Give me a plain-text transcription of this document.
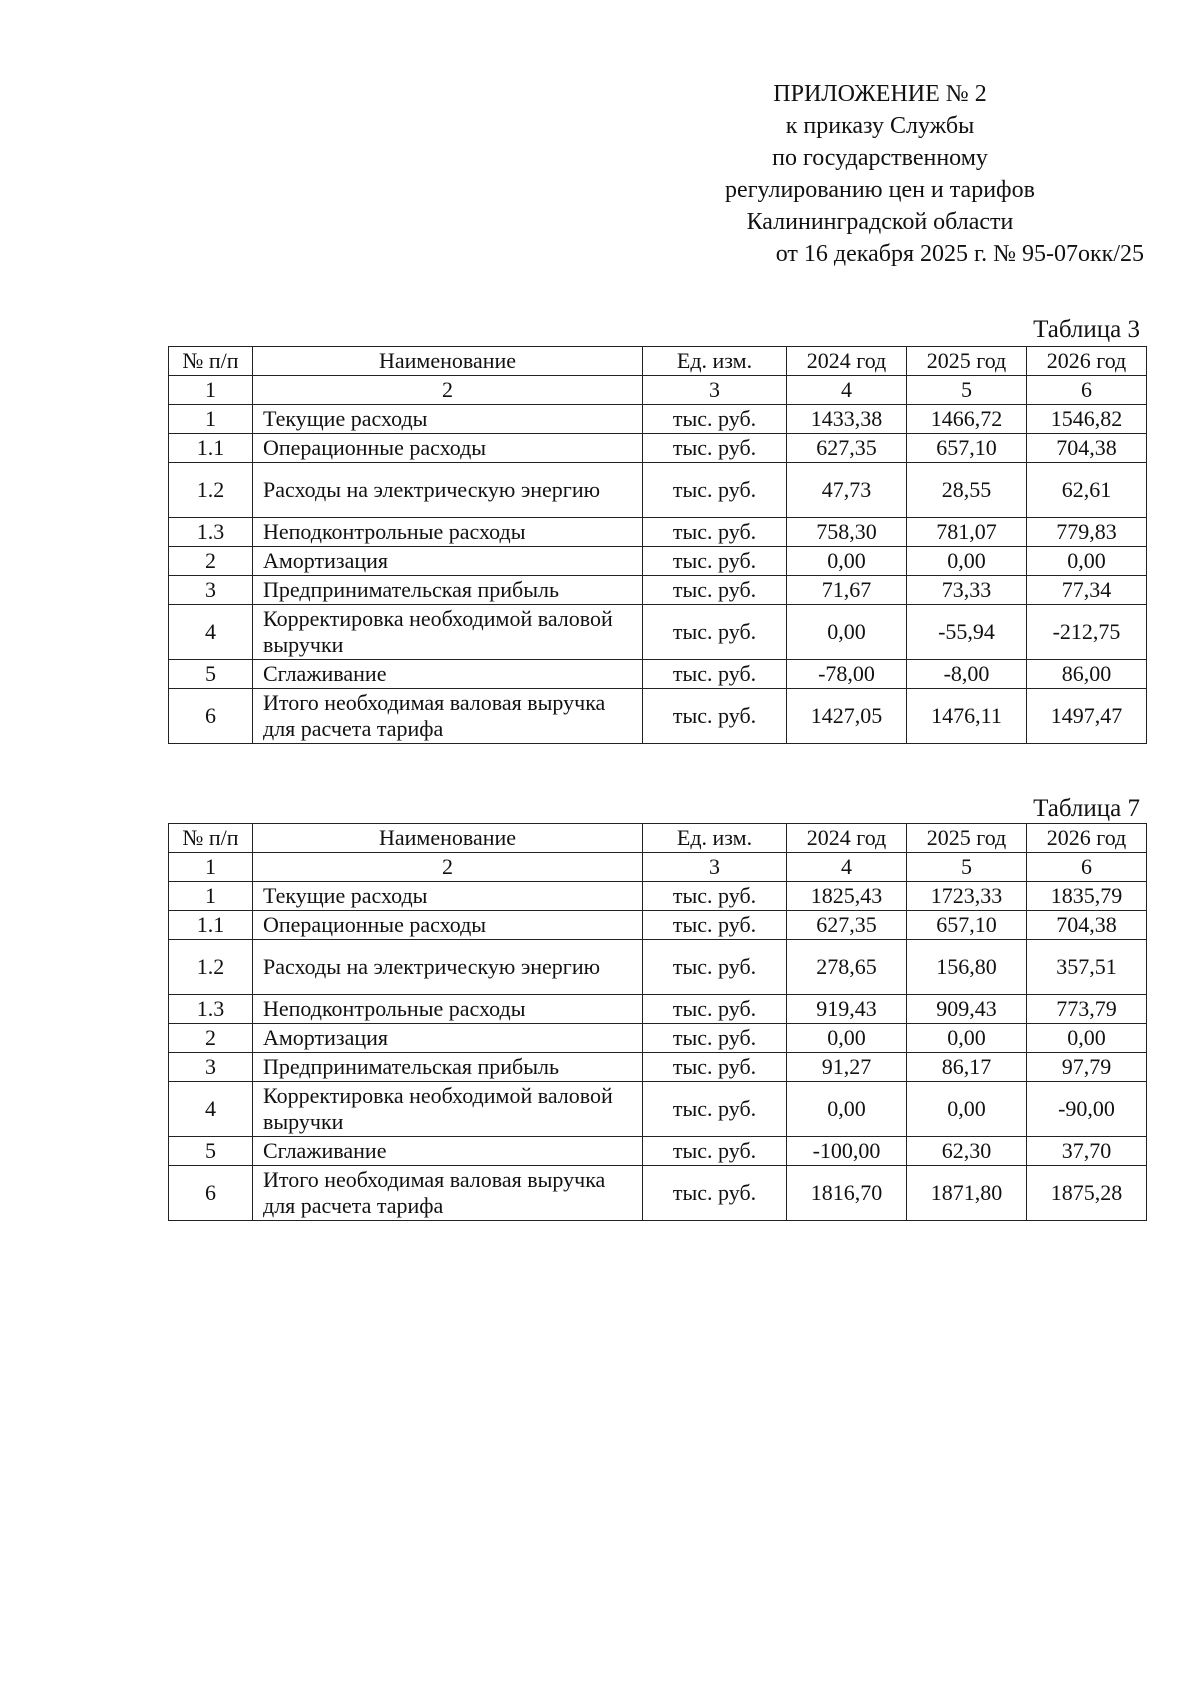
ПРИЛОЖЕНИЕ № 2
к приказу Службы
по государственному
регулированию цен и тарифов
Калининградской области
от 16 декабря 2025 г. № 95-07окк/25
Таблица 3
№ п/п	Наименование	Ед. изм.	2024 год	2025 год	2026 год
1	2	3	4	5	6
1	Текущие расходы	тыс. руб.	1433,38	1466,72	1546,82
1.1	Операционные расходы	тыс. руб.	627,35	657,10	704,38
1.2	Расходы на электрическую энергию	тыс. руб.	47,73	28,55	62,61
1.3	Неподконтрольные расходы	тыс. руб.	758,30	781,07	779,83
2	Амортизация	тыс. руб.	0,00	0,00	0,00
3	Предпринимательская прибыль	тыс. руб.	71,67	73,33	77,34
4	Корректировка необходимой валовой выручки	тыс. руб.	0,00	-55,94	-212,75
5	Сглаживание	тыс. руб.	-78,00	-8,00	86,00
6	Итого необходимая валовая выручка для расчета тарифа	тыс. руб.	1427,05	1476,11	1497,47
Таблица 7
№ п/п	Наименование	Ед. изм.	2024 год	2025 год	2026 год
1	2	3	4	5	6
1	Текущие расходы	тыс. руб.	1825,43	1723,33	1835,79
1.1	Операционные расходы	тыс. руб.	627,35	657,10	704,38
1.2	Расходы на электрическую энергию	тыс. руб.	278,65	156,80	357,51
1.3	Неподконтрольные расходы	тыс. руб.	919,43	909,43	773,79
2	Амортизация	тыс. руб.	0,00	0,00	0,00
3	Предпринимательская прибыль	тыс. руб.	91,27	86,17	97,79
4	Корректировка необходимой валовой выручки	тыс. руб.	0,00	0,00	-90,00
5	Сглаживание	тыс. руб.	-100,00	62,30	37,70
6	Итого необходимая валовая выручка для расчета тарифа	тыс. руб.	1816,70	1871,80	1875,28
